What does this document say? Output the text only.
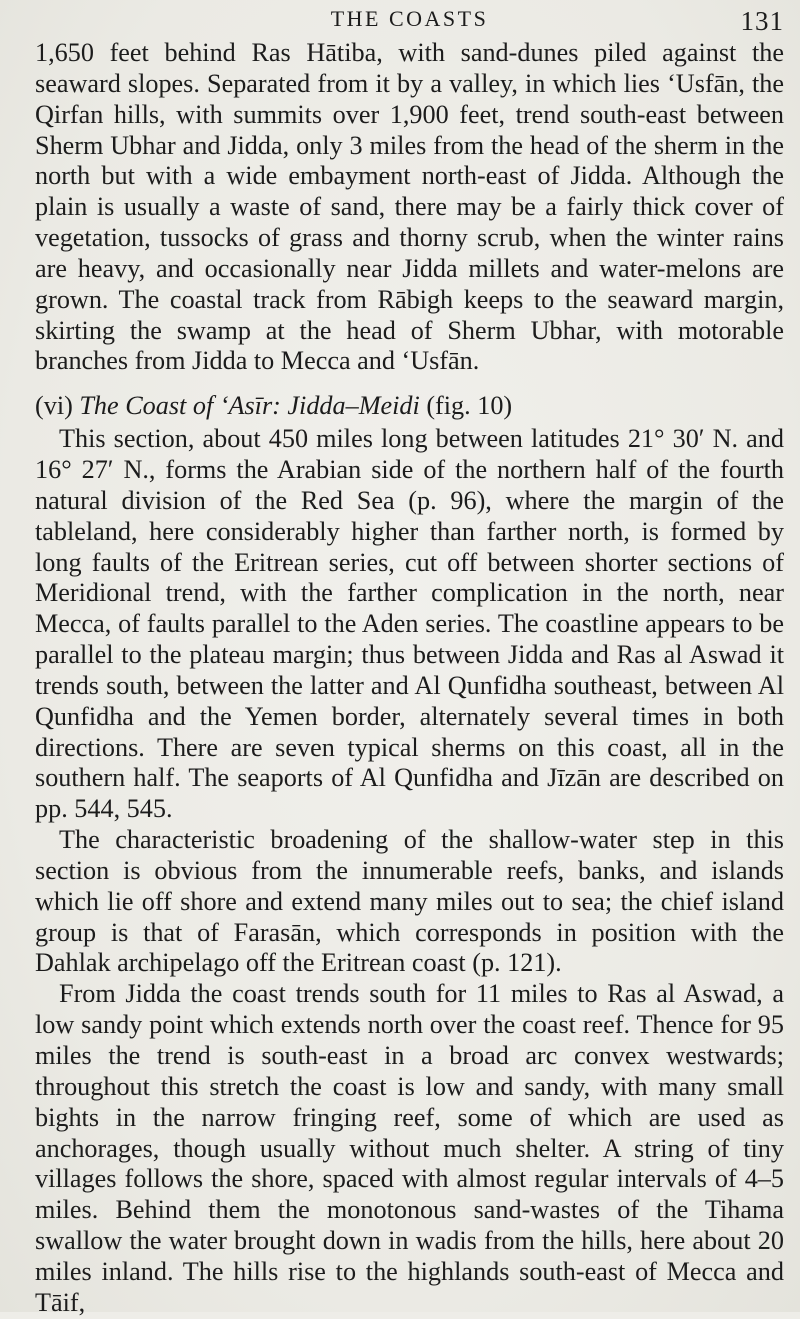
THE COASTS	131

1,650 feet behind Ras Hātiba, with sand-dunes piled against the seaward slopes. Separated from it by a valley, in which lies ‘Usfān, the Qirfan hills, with summits over 1,900 feet, trend south-east between Sherm Ubhar and Jidda, only 3 miles from the head of the sherm in the north but with a wide embayment north-east of Jidda. Although the plain is usually a waste of sand, there may be a fairly thick cover of vegetation, tussocks of grass and thorny scrub, when the winter rains are heavy, and occasionally near Jidda millets and water-melons are grown. The coastal track from Rābigh keeps to the seaward margin, skirting the swamp at the head of Sherm Ubhar, with motorable branches from Jidda to Mecca and ‘Usfān.

(vi) The Coast of ‘Asīr: Jidda–Meidi (fig. 10)

This section, about 450 miles long between latitudes 21° 30′ N. and 16° 27′ N., forms the Arabian side of the northern half of the fourth natural division of the Red Sea (p. 96), where the margin of the tableland, here considerably higher than farther north, is formed by long faults of the Eritrean series, cut off between shorter sections of Meridional trend, with the farther complication in the north, near Mecca, of faults parallel to the Aden series. The coastline appears to be parallel to the plateau margin; thus between Jidda and Ras al Aswad it trends south, between the latter and Al Qunfidha southeast, between Al Qunfidha and the Yemen border, alternately several times in both directions. There are seven typical sherms on this coast, all in the southern half. The seaports of Al Qunfidha and Jīzān are described on pp. 544, 545.

The characteristic broadening of the shallow-water step in this section is obvious from the innumerable reefs, banks, and islands which lie off shore and extend many miles out to sea; the chief island group is that of Farasān, which corresponds in position with the Dahlak archipelago off the Eritrean coast (p. 121).

From Jidda the coast trends south for 11 miles to Ras al Aswad, a low sandy point which extends north over the coast reef. Thence for 95 miles the trend is south-east in a broad arc convex westwards; throughout this stretch the coast is low and sandy, with many small bights in the narrow fringing reef, some of which are used as anchorages, though usually without much shelter. A string of tiny villages follows the shore, spaced with almost regular intervals of 4–5 miles. Behind them the monotonous sand-wastes of the Tihama swallow the water brought down in wadis from the hills, here about 20 miles inland. The hills rise to the highlands south-east of Mecca and Tāif,
